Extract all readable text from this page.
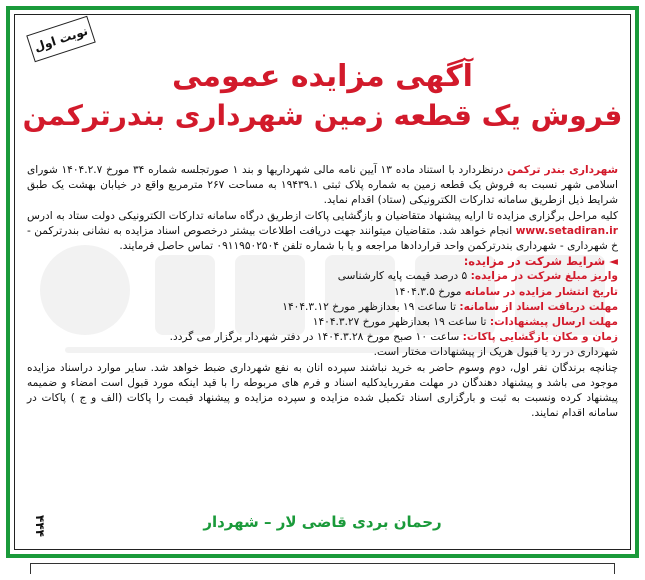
نوبت اول
آگهی مزایده عمومی
فروش یک قطعه زمین شهرداری بندرترکمن

شهرداری بندر ترکمن درنظردارد با استناد ماده ۱۳ آیین نامه مالی شهرداریها و بند ۱ صورتجلسه شماره ۳۴ مورخ ۱۴۰۴.۲.۷ شورای اسلامی شهر نسبت به فروش یک قطعه زمین به شماره پلاک ثبتی ۱۹۴۳۹.۱ به مساحت ۲۶۷ مترمربع واقع در خیابان بهشت یک طبق شرایط ذیل ازطریق سامانه تدارکات الکترونیکی (ستاد) اقدام نماید.

کلیه مراحل برگزاری مزایده تا ارایه پیشنهاد متقاضیان و بازگشایی پاکات ازطریق درگاه سامانه تدارکات الکترونیکی دولت ستاد به ادرس www.setadiran.ir انجام خواهد شد. متقاضیان میتوانند جهت دریافت اطلاعات بیشتر درخصوص اسناد مزایده به نشانی بندرترکمن - خ شهرداری - شهرداری بندرترکمن واحد قراردادها مراجعه و یا با شماره تلفن ۰۹۱۱۹۵۰۲۵۰۴ تماس حاصل فرمایند.

◄ شرایط شرکت در مزایده:

واریز مبلغ شرکت در مزایده: ۵ درصد قیمت پایه کارشناسی

تاریخ انتشار مزایده در سامانه مورخ ۱۴۰۴.۳.۵

مهلت دریافت اسناد از سامانه: تا ساعت ۱۹ بعدازظهر مورخ ۱۴۰۴.۳.۱۲

مهلت ارسال پیشنهادات: تا ساعت ۱۹ بعدازظهر مورخ ۱۴۰۴.۳.۲۷

زمان و مکان بازگشایی پاکات: ساعت ۱۰ صبح مورخ ۱۴۰۴.۳.۲۸ در دفتر شهردار برگزار می گردد.

شهرداری در رد یا قبول هریک از پیشنهادات مختار است.

چنانچه برندگان نفر اول، دوم وسوم حاضر به خرید نباشند سپرده انان به نفع شهرداری ضبط خواهد شد. سایر موارد دراسناد مزایده موجود می باشد و پیشنهاد دهندگان در مهلت مقرربایدکلیه اسناد و فرم های مربوطه را با قید اینکه مورد قبول است امضاء و ضمیمه پیشنهاد کرده ونسبت به ثبت و بارگزاری اسناد تکمیل شده مزایده و سپرده مزایده و پیشنهاد قیمت را پاکات (الف و ج ) پاکات در سامانه اقدام نمایند.

رحمان بردی قاضی لار – شهردار
۴۴۴
